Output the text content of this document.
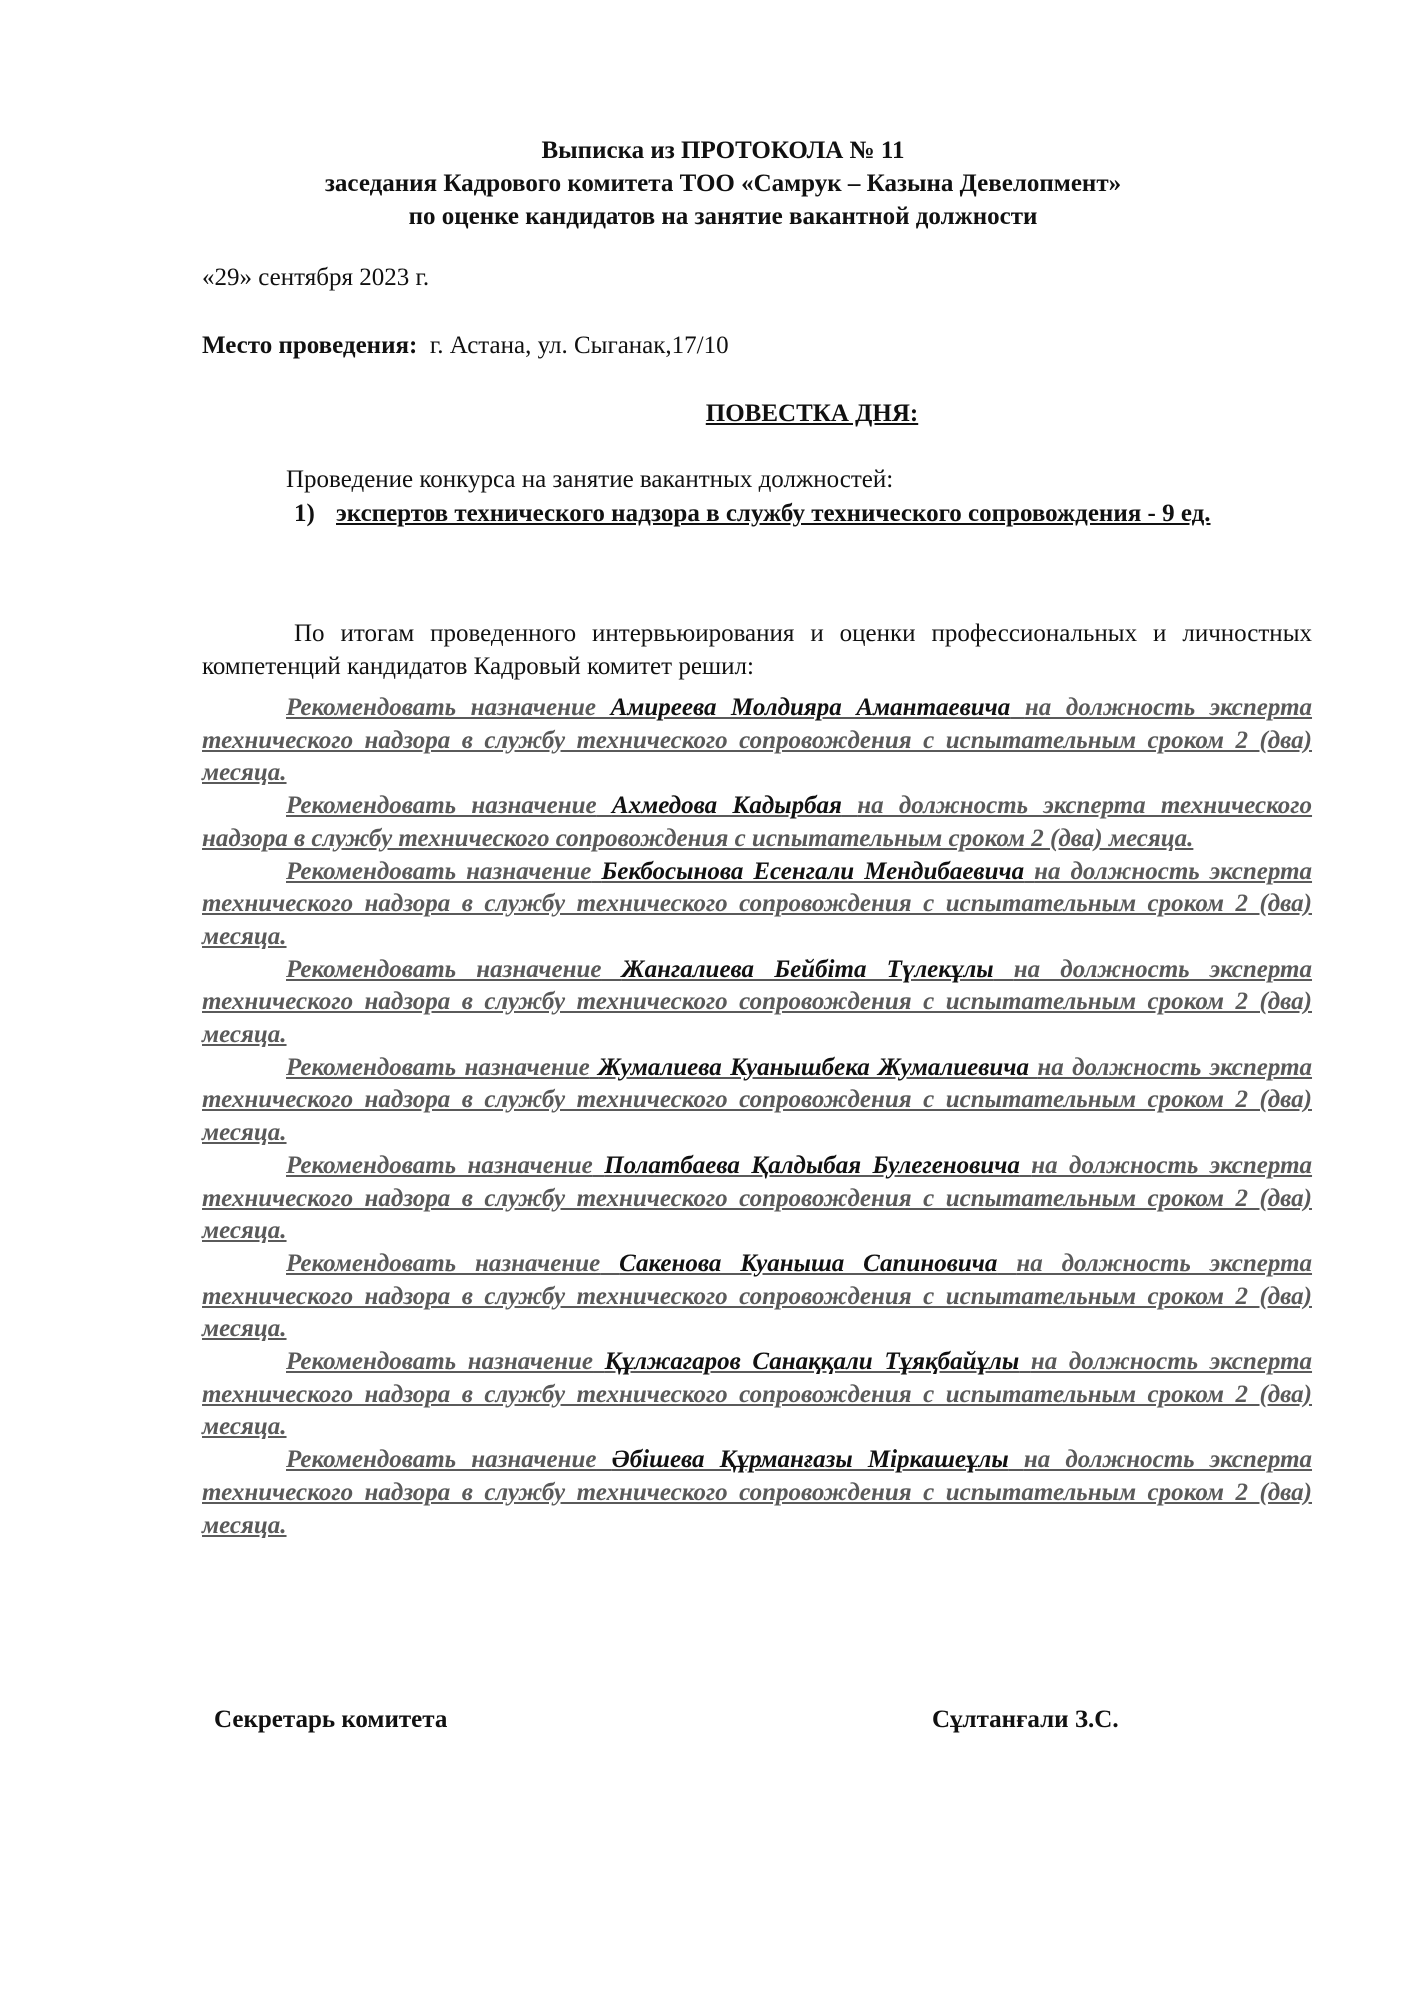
Выписка из ПРОТОКОЛА № 11
заседания Кадрового комитета ТОО «Самрук – Казына Девелопмент»
по оценке кандидатов на занятие вакантной должности
«29» сентября 2023 г.
Место проведения: г. Астана, ул. Сыганак,17/10
ПОВЕСТКА ДНЯ:
Проведение конкурса на занятие вакантных должностей:
1) экспертов технического надзора в службу технического сопровождения - 9 ед.

По итогам проведенного интервьюирования и оценки профессиональных и личностных компетенций кандидатов Кадровый комитет решил:

Рекомендовать назначение Амиреева Молдияра Амантаевича на должность эксперта технического надзора в службу технического сопровождения с испытательным сроком 2 (два) месяца.

Рекомендовать назначение Ахмедова Кадырбая на должность эксперта технического надзора в службу технического сопровождения с испытательным сроком 2 (два) месяца.

Рекомендовать назначение Бекбосынова Есенгали Мендибаевича на должность эксперта технического надзора в службу технического сопровождения с испытательным сроком 2 (два) месяца.

Рекомендовать назначение Жангалиева Бейбіта Түлекұлы на должность эксперта технического надзора в службу технического сопровождения с испытательным сроком 2 (два) месяца.

Рекомендовать назначение Жумалиева Куанышбека Жумалиевича на должность эксперта технического надзора в службу технического сопровождения с испытательным сроком 2 (два) месяца.

Рекомендовать назначение Полатбаева Қалдыбая Булегеновича на должность эксперта технического надзора в службу технического сопровождения с испытательным сроком 2 (два) месяца.

Рекомендовать назначение Сакенова Куаныша Сапиновича на должность эксперта технического надзора в службу технического сопровождения с испытательным сроком 2 (два) месяца.

Рекомендовать назначение Құлжагаров Санаққали Тұяқбайұлы на должность эксперта технического надзора в службу технического сопровождения с испытательным сроком 2 (два) месяца.

Рекомендовать назначение Әбішева Құрманғазы Міркашеұлы на должность эксперта технического надзора в службу технического сопровождения с испытательным сроком 2 (два) месяца.

Секретарь комитета	Сұлтанғали З.С.
